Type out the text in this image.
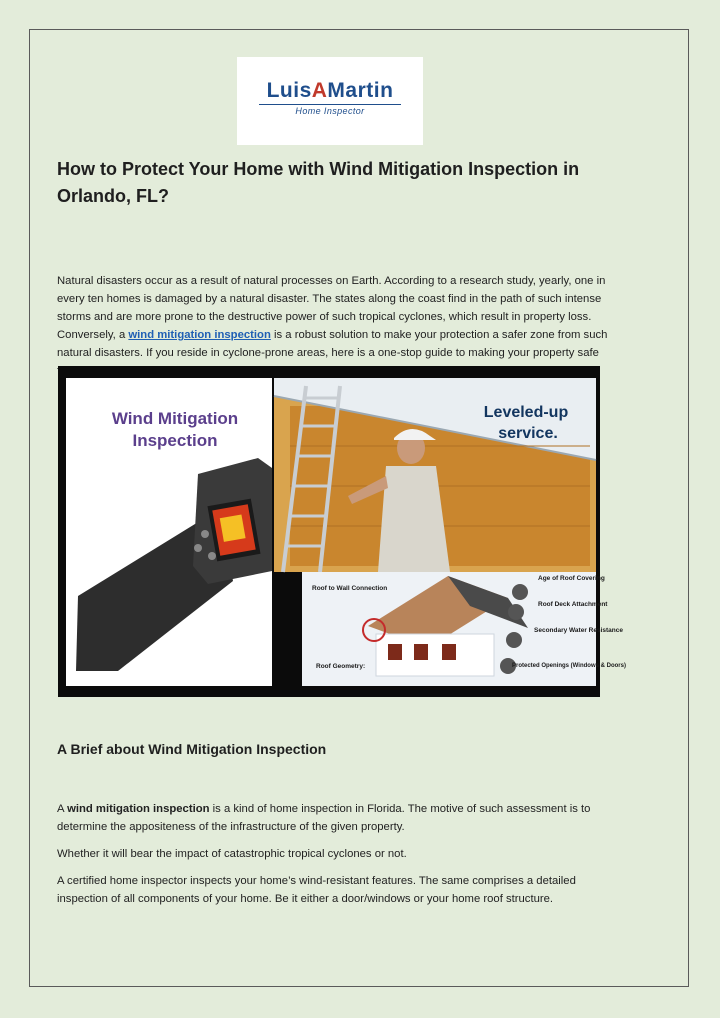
LuisAMartin
Home Inspector
How to Protect Your Home with Wind Mitigation Inspection in Orlando, FL?

Natural disasters occur as a result of natural processes on Earth. According to a research study, yearly, one in every ten homes is damaged by a natural disaster. The states along the coast find in the path of such intense storms and are more prone to the destructive power of such tropical cyclones, which result in property loss. Conversely, a wind mitigation inspection is a robust solution to make your protection a safer zone from such natural disasters. If you reside in cyclone-prone areas, here is a one-stop guide to making your property safe

Wind Mitigation
Inspection
Leveled-up
service.
Roof to Wall Connection
Age of Roof Covering
Roof Deck Attachment
Secondary Water Resistance
Roof Geometry:	Protected Openings (Windows & Doors)
A Brief about Wind Mitigation Inspection

A wind mitigation inspection is a kind of home inspection in Florida. The motive of such assessment is to determine the appositeness of the infrastructure of the given property.

Whether it will bear the impact of catastrophic tropical cyclones or not.

A certified home inspector inspects your home’s wind-resistant features. The same comprises a detailed inspection of all components of your home. Be it either a door/windows or your home roof structure.
